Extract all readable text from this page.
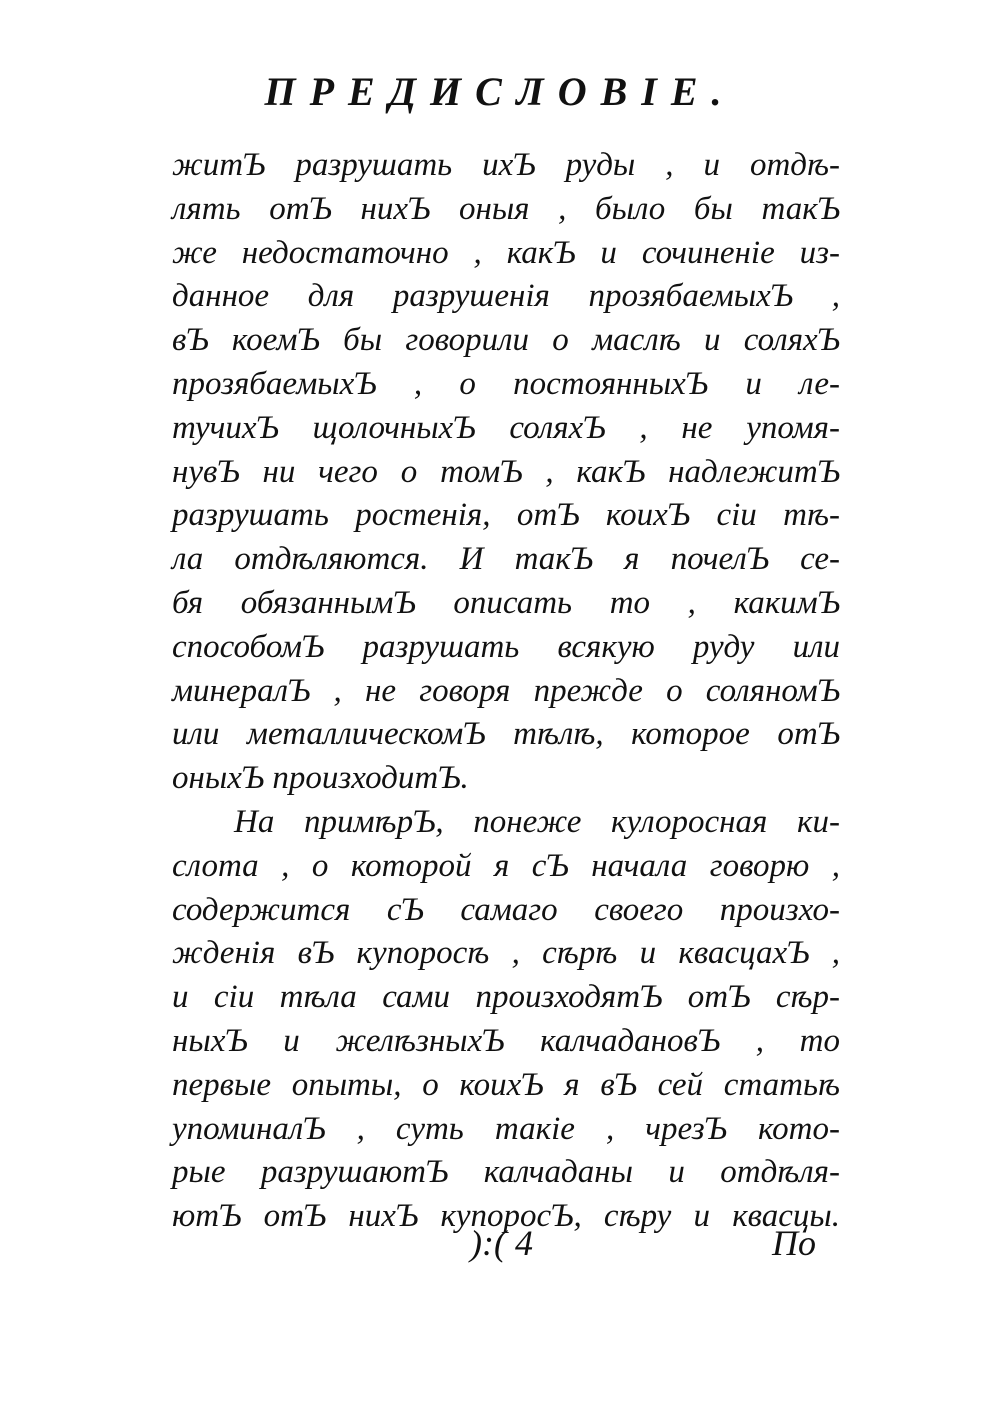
ПРЕДИСЛОВІЕ.
житЪ разрушать ихЪ руды , и отдѣ-
лять отЪ нихЪ оныя , было бы такЪ
же недостаточно , какЪ и сочиненіе из-
данное для разрушенія прозябаемыхЪ ,
вЪ коемЪ бы говорили о маслѣ и соляхЪ
прозябаемыхЪ , о постоянныхЪ и ле-
тучихЪ щолочныхЪ соляхЪ , не упомя-
нувЪ ни чего о томЪ , какЪ надлежитЪ
разрушать ростенія, отЪ коихЪ сіи тѣ-
ла отдѣляются. И такЪ я почелЪ се-
бя обязаннымЪ описать то , какимЪ
способомЪ разрушать всякую руду или
минералЪ , не говоря прежде о соляномЪ
или металлическомЪ тѣлѣ, которое отЪ
оныхЪ произходитЪ.
На примѣрЪ, понеже кулоросная ки-
слота , о которой я сЪ начала говорю ,
содержится сЪ самаго своего произхо-
жденія вЪ купоросѣ , сѣрѣ и квасцахЪ ,
и сіи тѣла сами произходятЪ отЪ сѣр-
ныхЪ и желѣзныхЪ калчадановЪ , то
первые опыты, о коихЪ я вЪ сей статьѣ
упоминалЪ , суть такіе , чрезЪ кото-
рые разрушаютЪ калчаданы и отдѣля-
ютЪ отЪ нихЪ купоросЪ, сѣру и квасцы.
):( 4	По
